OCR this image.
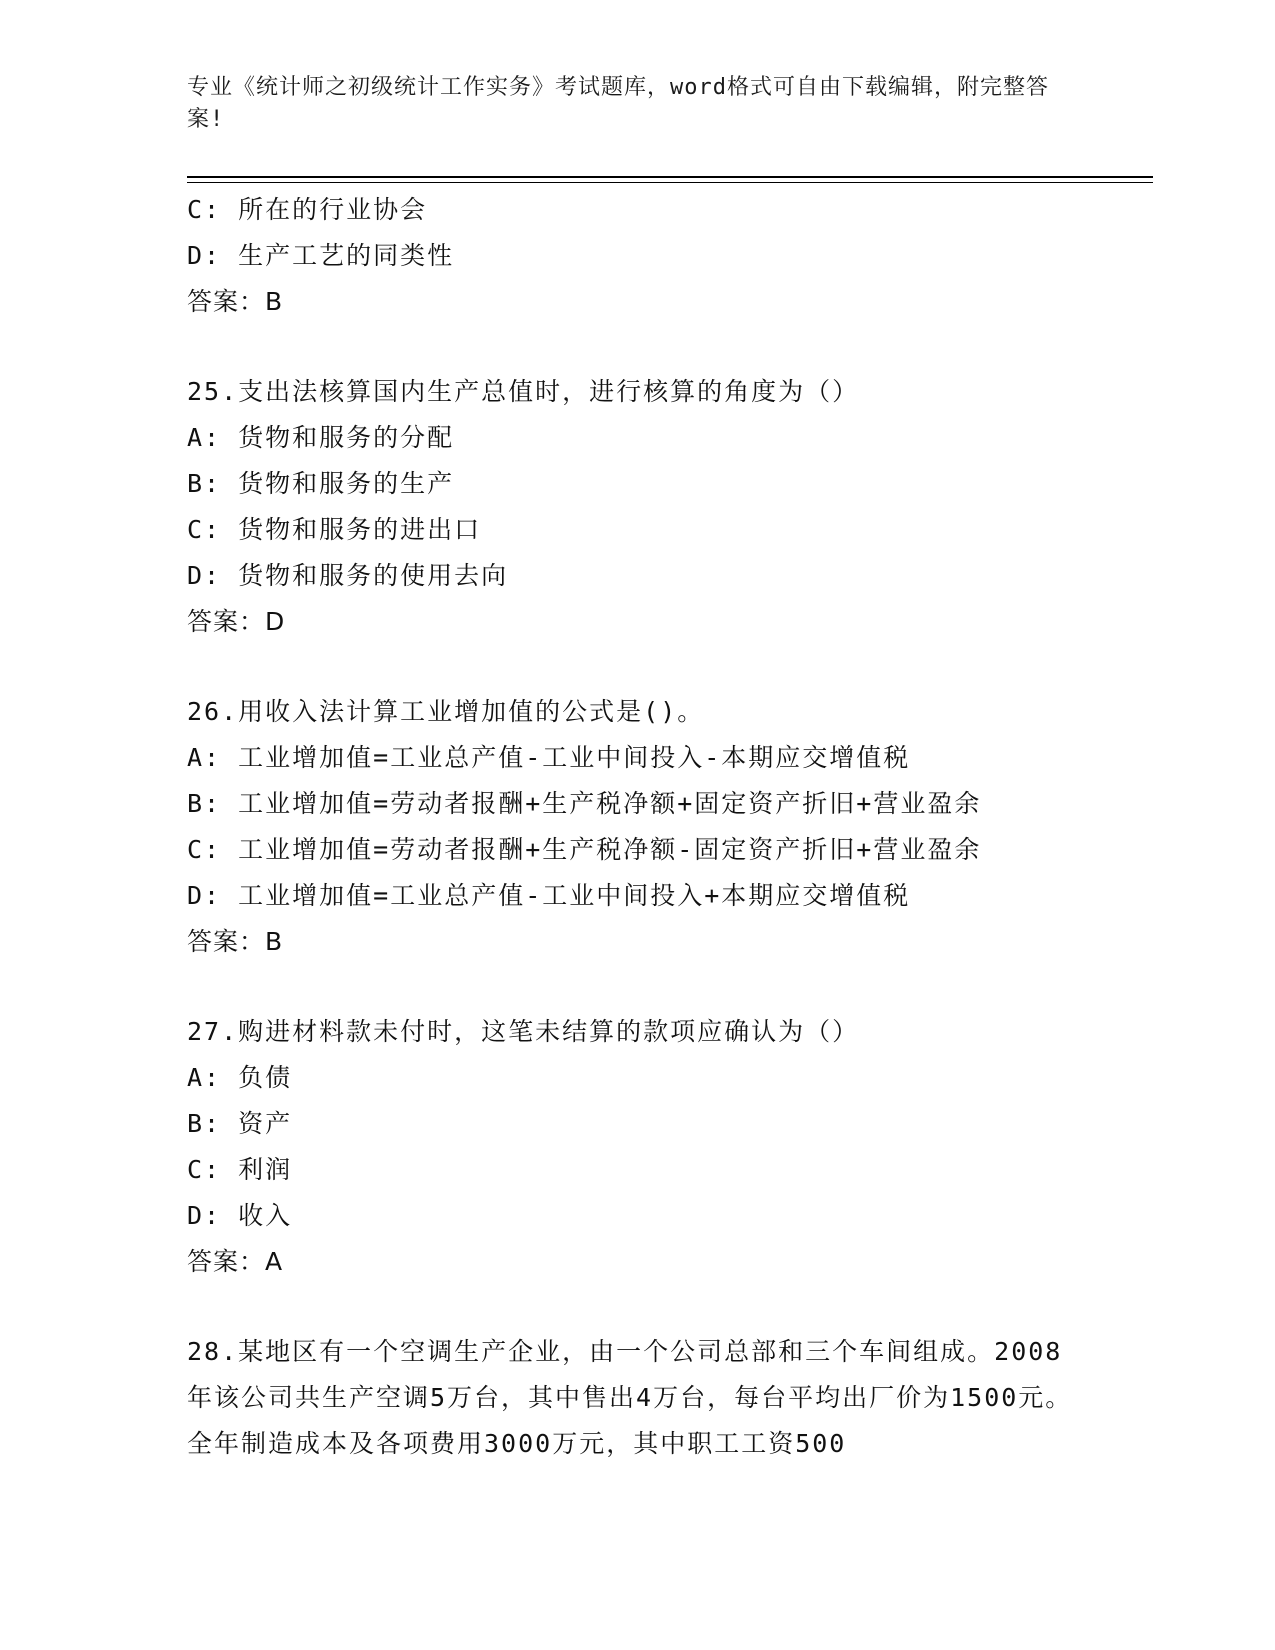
专业《统计师之初级统计工作实务》考试题库，word格式可自由下载编辑，附完整答案!
C: 所在的行业协会
D: 生产工艺的同类性
答案：B
25.支出法核算国内生产总值时，进行核算的角度为（）
A: 货物和服务的分配
B: 货物和服务的生产
C: 货物和服务的进出口
D: 货物和服务的使用去向
答案：D
26.用收入法计算工业增加值的公式是()。
A: 工业增加值=工业总产值-工业中间投入-本期应交增值税
B: 工业增加值=劳动者报酬+生产税净额+固定资产折旧+营业盈余
C: 工业增加值=劳动者报酬+生产税净额-固定资产折旧+营业盈余
D: 工业增加值=工业总产值-工业中间投入+本期应交增值税
答案：B
27.购进材料款未付时，这笔未结算的款项应确认为（）
A: 负债
B: 资产
C: 利润
D: 收入
答案：A
28.某地区有一个空调生产企业，由一个公司总部和三个车间组成。2008年该公司共生产空调5万台，其中售出4万台，每台平均出厂价为1500元。全年制造成本及各项费用3000万元，其中职工工资500
